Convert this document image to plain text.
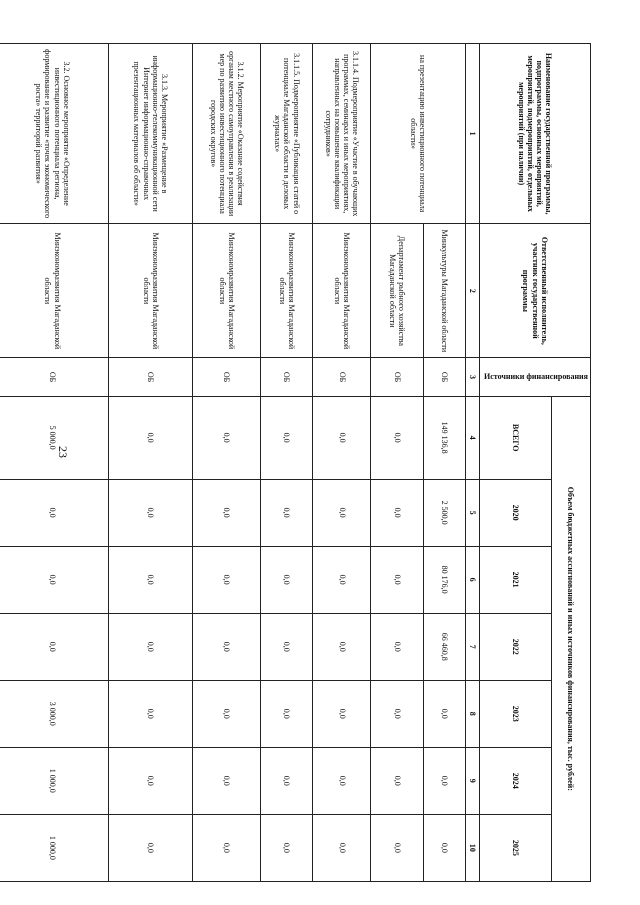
23
Наименование государственной программы, подпрограммы, основных мероприятий, мероприятий, подмероприятий, отдельных мероприятий (при наличии)	Ответственный исполнитель, участник государственной программы	Источники финансирования	Объем бюджетных ассигнований и иных источников финансирования, тыс. рублей:						
			ВСЕГО	2020	2021	2022	2023	2024	2025
1	2	3	4	5	6	7	8	9	10
на презентацию инвестиционного потенциала области»	Минкультуры Магаданской области	ОБ	149 136,8	2 500,0	80 176,0	66 460,8	0,0	0,0	0,0
	Департамент рыбного хозяйства Магаданской области	ОБ	0,0	0,0	0,0	0,0	0,0	0,0	0,0
3.1.1.4. Подмероприятие «Участие в обучающих программах, семинарах и иных мероприятиях, направленных на повышение квалификации сотрудников»	Минэкономразвития Магаданской области	ОБ	0,0	0,0	0,0	0,0	0,0	0,0	0,0
3.1.1.5. Подмероприятие «Публикация статей о потенциале Магаданской области в деловых журналах»	Минэкономразвития Магаданской области	ОБ	0,0	0,0	0,0	0,0	0,0	0,0	0,0
3.1.2. Мероприятие «Оказание содействия органам местного самоуправления в реализации мер по развитию инвестиционного потенциала городских округов»	Минэкономразвития Магаданской области	ОБ	0,0	0,0	0,0	0,0	0,0	0,0	0,0
3.1.3. Мероприятие «Размещение в информационно-телекоммуникационной сети Интернет информационно-справочных презентационных материалов об области»	Минэкономразвития Магаданской области	ОБ	0,0	0,0	0,0	0,0	0,0	0,0	0,0
3.2. Основное мероприятие «Определение инвестиционного потенциала региона, формирование и развитие «точек экономического роста» территорий развития»	Минэкономразвития Магаданской области	ОБ	5 000,0	0,0	0,0	0,0	3 000,0	1 000,0	1 000,0
